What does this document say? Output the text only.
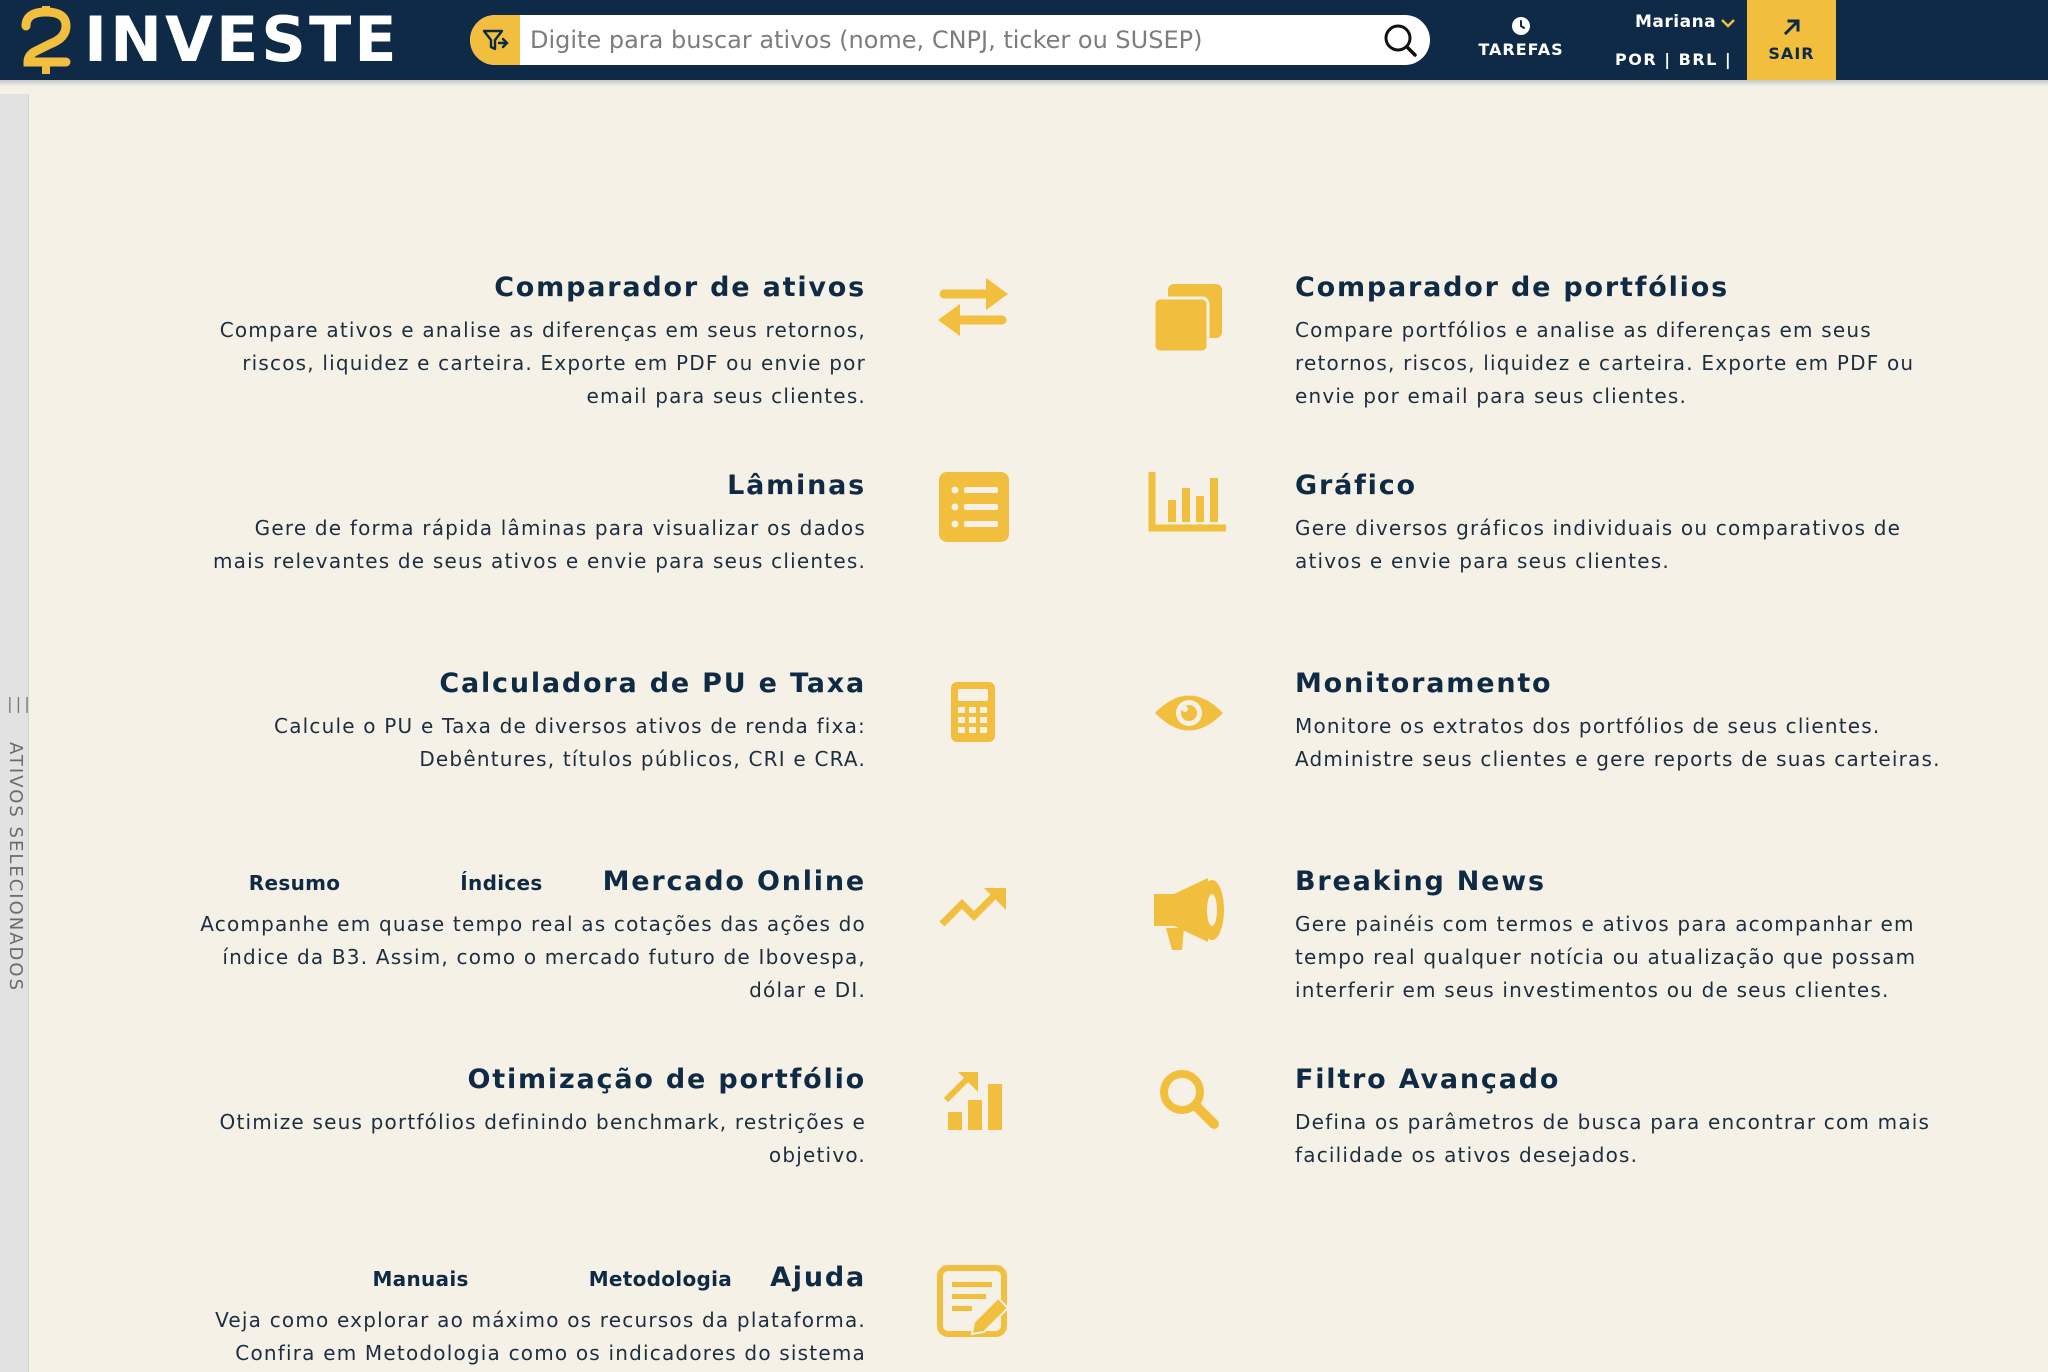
INVESTE
Digite para buscar ativos (nome, CNPJ, ticker ou SUSEP)	TAREFAS
Mariana
POR | BRL |	SAIR
|||
ATIVOS SELECIONADOS
Comparador de ativos
Compare ativos e analise as diferenças em seus retornos, riscos, liquidez e carteira. Exporte em PDF ou envie por email para seus clientes.
Comparador de portfólios
Compare portfólios e analise as diferenças em seus retornos, riscos, liquidez e carteira. Exporte em PDF ou envie por email para seus clientes.
Lâminas
Gere de forma rápida lâminas para visualizar os dados mais relevantes de seus ativos e envie para seus clientes.
Gráfico
Gere diversos gráficos individuais ou comparativos de ativos e envie para seus clientes.
Calculadora de PU e Taxa
Calcule o PU e Taxa de diversos ativos de renda fixa: Debêntures, títulos públicos, CRI e CRA.
Monitoramento
Monitore os extratos dos portfólios de seus clientes. Administre seus clientes e gere reports de suas carteiras.
Resumo	Índices Mercado Online
Acompanhe em quase tempo real as cotações das ações do índice da B3. Assim, como o mercado futuro de Ibovespa, dólar e DI.
Breaking News
Gere painéis com termos e ativos para acompanhar em tempo real qualquer notícia ou atualização que possam interferir em seus investimentos ou de seus clientes.
Otimização de portfólio
Otimize seus portfólios definindo benchmark, restrições e objetivo.
Filtro Avançado
Defina os parâmetros de busca para encontrar com mais facilidade os ativos desejados.
Manuais	Metodologia Ajuda
Veja como explorar ao máximo os recursos da plataforma. Confira em Metodologia como os indicadores do sistema
